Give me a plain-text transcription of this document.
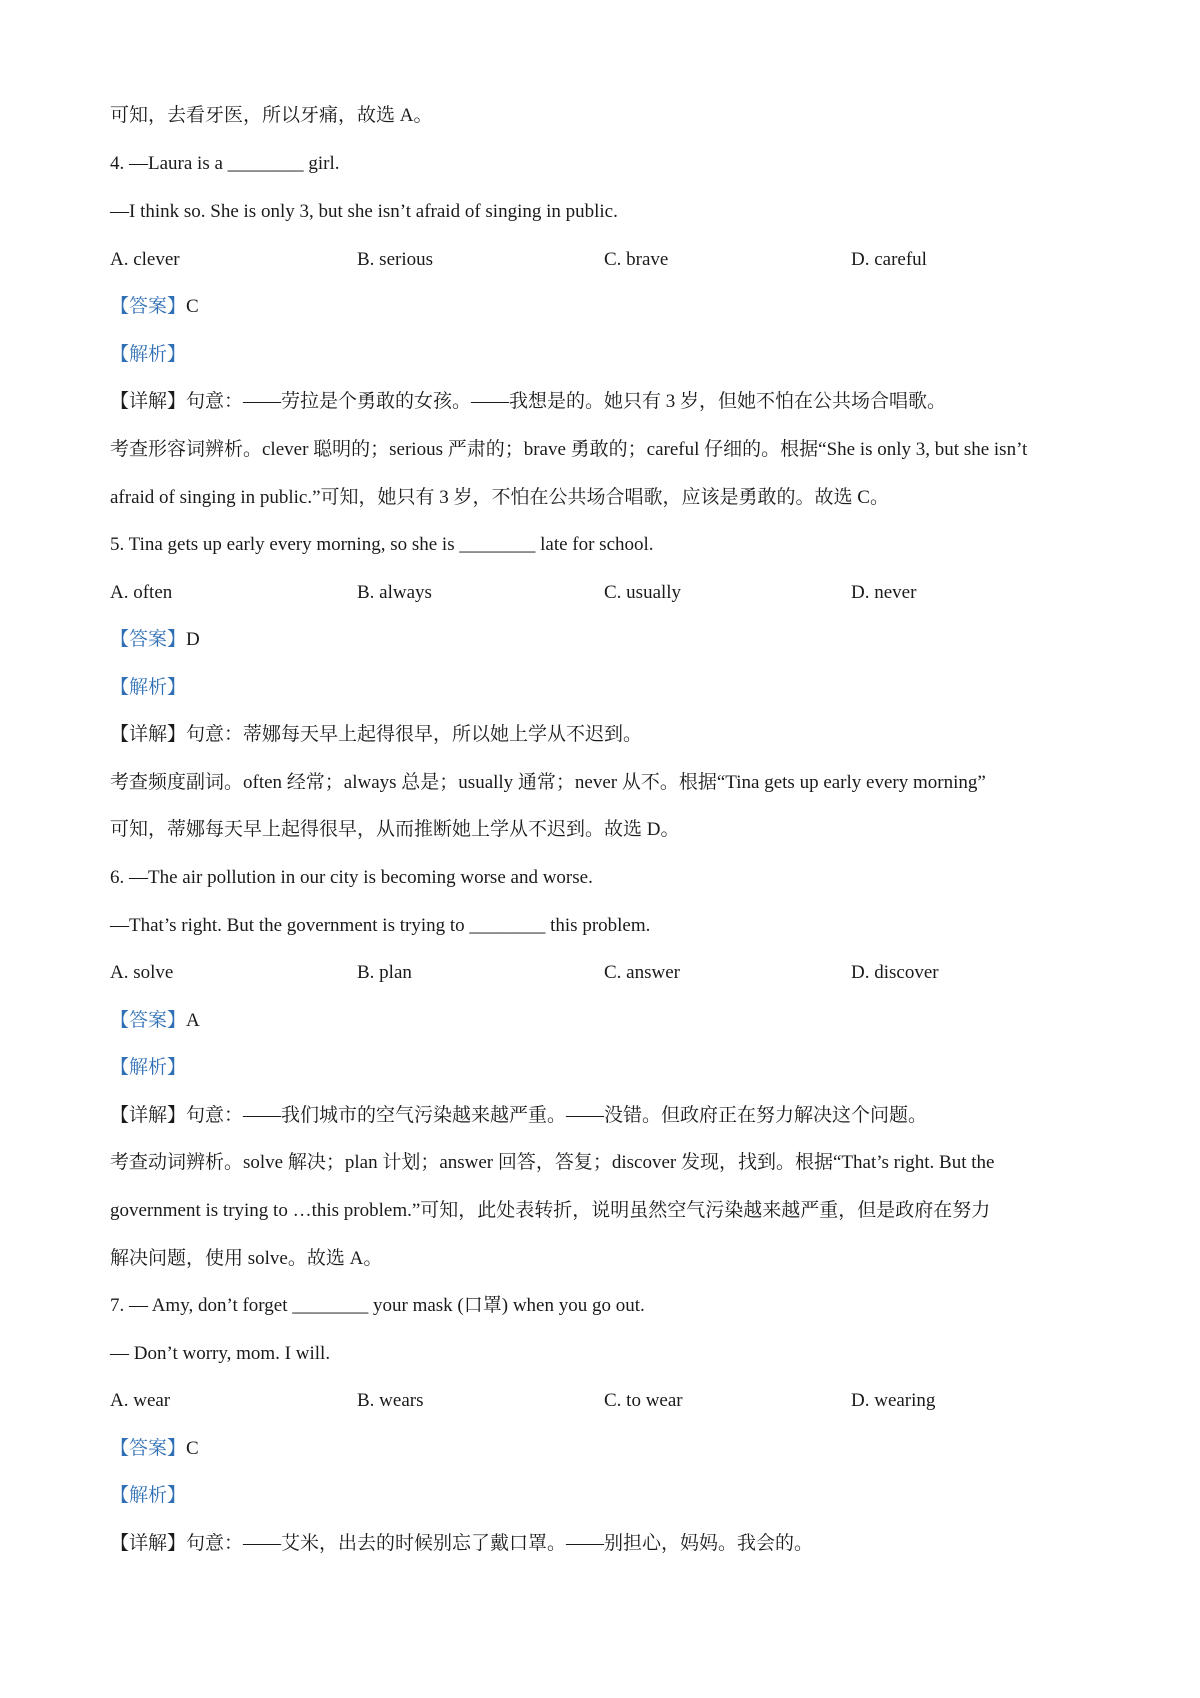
可知，去看牙医，所以牙痛，故选 A。
4. —Laura is a ________ girl.
—I think so. She is only 3, but she isn’t afraid of singing in public.
A. clever	B. serious	C. brave	D. careful
【答案】C
【解析】
【详解】句意：——劳拉是个勇敢的女孩。——我想是的。她只有 3 岁，但她不怕在公共场合唱歌。
考查形容词辨析。clever 聪明的；serious 严肃的；brave 勇敢的；careful 仔细的。根据“She is only 3, but she isn’t
afraid of singing in public.”可知，她只有 3 岁，不怕在公共场合唱歌，应该是勇敢的。故选 C。
5. Tina gets up early every morning, so she is ________ late for school.
A. often	B. always	C. usually	D. never
【答案】D
【解析】
【详解】句意：蒂娜每天早上起得很早，所以她上学从不迟到。
考查频度副词。often 经常；always 总是；usually 通常；never 从不。根据“Tina gets up early every morning”
可知，蒂娜每天早上起得很早，从而推断她上学从不迟到。故选 D。
6. —The air pollution in our city is becoming worse and worse.
—That’s right. But the government is trying to ________ this problem.
A. solve	B. plan	C. answer	D. discover
【答案】A
【解析】
【详解】句意：——我们城市的空气污染越来越严重。——没错。但政府正在努力解决这个问题。
考查动词辨析。solve 解决；plan 计划；answer 回答，答复；discover 发现，找到。根据“That’s right. But the
government is trying to …this problem.”可知，此处表转折，说明虽然空气污染越来越严重，但是政府在努力
解决问题，使用 solve。故选 A。
7. — Amy, don’t forget ________ your mask (口罩) when you go out.
— Don’t worry, mom. I will.
A. wear	B. wears	C. to wear	D. wearing
【答案】C
【解析】
【详解】句意：——艾米，出去的时候别忘了戴口罩。——别担心，妈妈。我会的。
